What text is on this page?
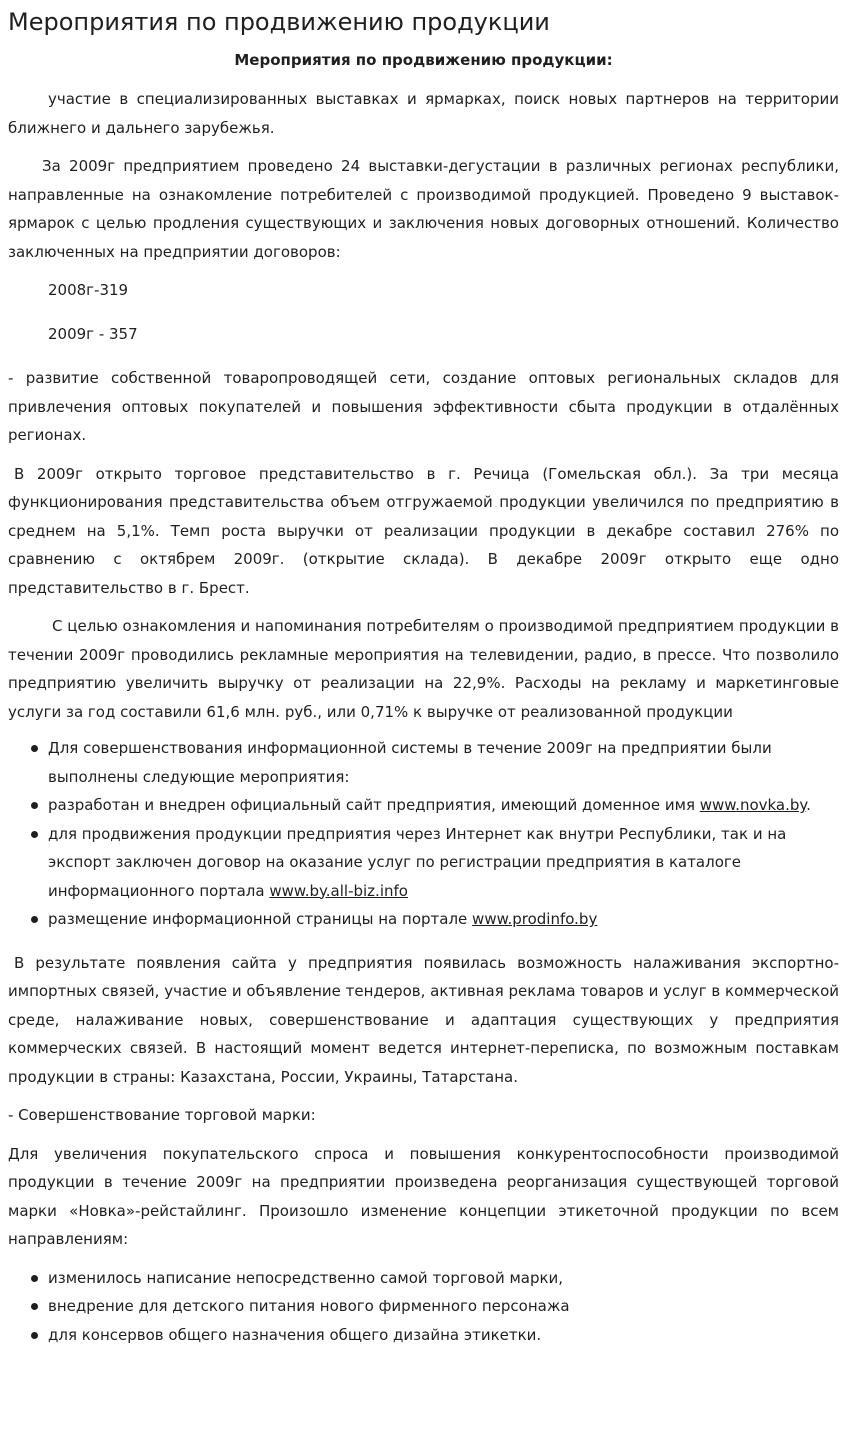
Мероприятия по продвижению продукции
Мероприятия по продвижению продукции:

участие в специализированных выставках и ярмарках, поиск новых партнеров на территории ближнего и дальнего зарубежья.

За 2009г предприятием проведено 24 выставки-дегустации в различных регионах республики, направленные на ознакомление потребителей с производимой продукцией. Проведено 9 выставок-ярмарок с целью продления существующих и заключения новых договорных отношений. Количество заключенных на предприятии договоров:

2008г-319

2009г - 357

- развитие собственной товаропроводящей сети, создание оптовых региональных складов для привлечения оптовых покупателей и повышения эффективности сбыта продукции в отдалённых регионах.

В 2009г открыто торговое представительство в г. Речица (Гомельская обл.). За три месяца функционирования представительства объем отгружаемой продукции увеличился по предприятию в среднем на 5,1%. Темп роста выручки от реализации продукции в декабре составил 276% по сравнению с октябрем 2009г. (открытие склада). В декабре 2009г открыто еще одно представительство в г. Брест.

С целью ознакомления и напоминания потребителям о производимой предприятием продукции в течении 2009г проводились рекламные мероприятия на телевидении, радио, в прессе. Что позволило предприятию увеличить выручку от реализации на 22,9%. Расходы на рекламу и маркетинговые услуги за год составили 61,6 млн. руб., или 0,71% к выручке от реализованной продукции

Для совершенствования информационной системы в течение 2009г на предприятии были выполнены следующие мероприятия:
разработан и внедрен официальный сайт предприятия, имеющий доменное имя www.novka.by.
для продвижения продукции предприятия через Интернет как внутри Республики, так и на экспорт заключен договор на оказание услуг по регистрации предприятия в каталоге информационного портала www.by.all-biz.info
размещение информационной страницы на портале www.prodinfo.by

В результате появления сайта у предприятия появилась возможность налаживания экспортно-импортных связей, участие и объявление тендеров, активная реклама товаров и услуг в коммерческой среде, налаживание новых, совершенствование и адаптация существующих у предприятия коммерческих связей. В настоящий момент ведется интернет-переписка, по возможным поставкам продукции в страны: Казахстана, России, Украины, Татарстана.

- Совершенствование торговой марки:

Для увеличения покупательского спроса и повышения конкурентоспособности производимой продукции в течение 2009г на предприятии произведена реорганизация существующей торговой марки «Новка»-рейстайлинг. Произошло изменение концепции этикеточной продукции по всем направлениям:

изменилось написание непосредственно самой торговой марки,
внедрение для детского питания нового фирменного персонажа
для консервов общего назначения общего дизайна этикетки.
